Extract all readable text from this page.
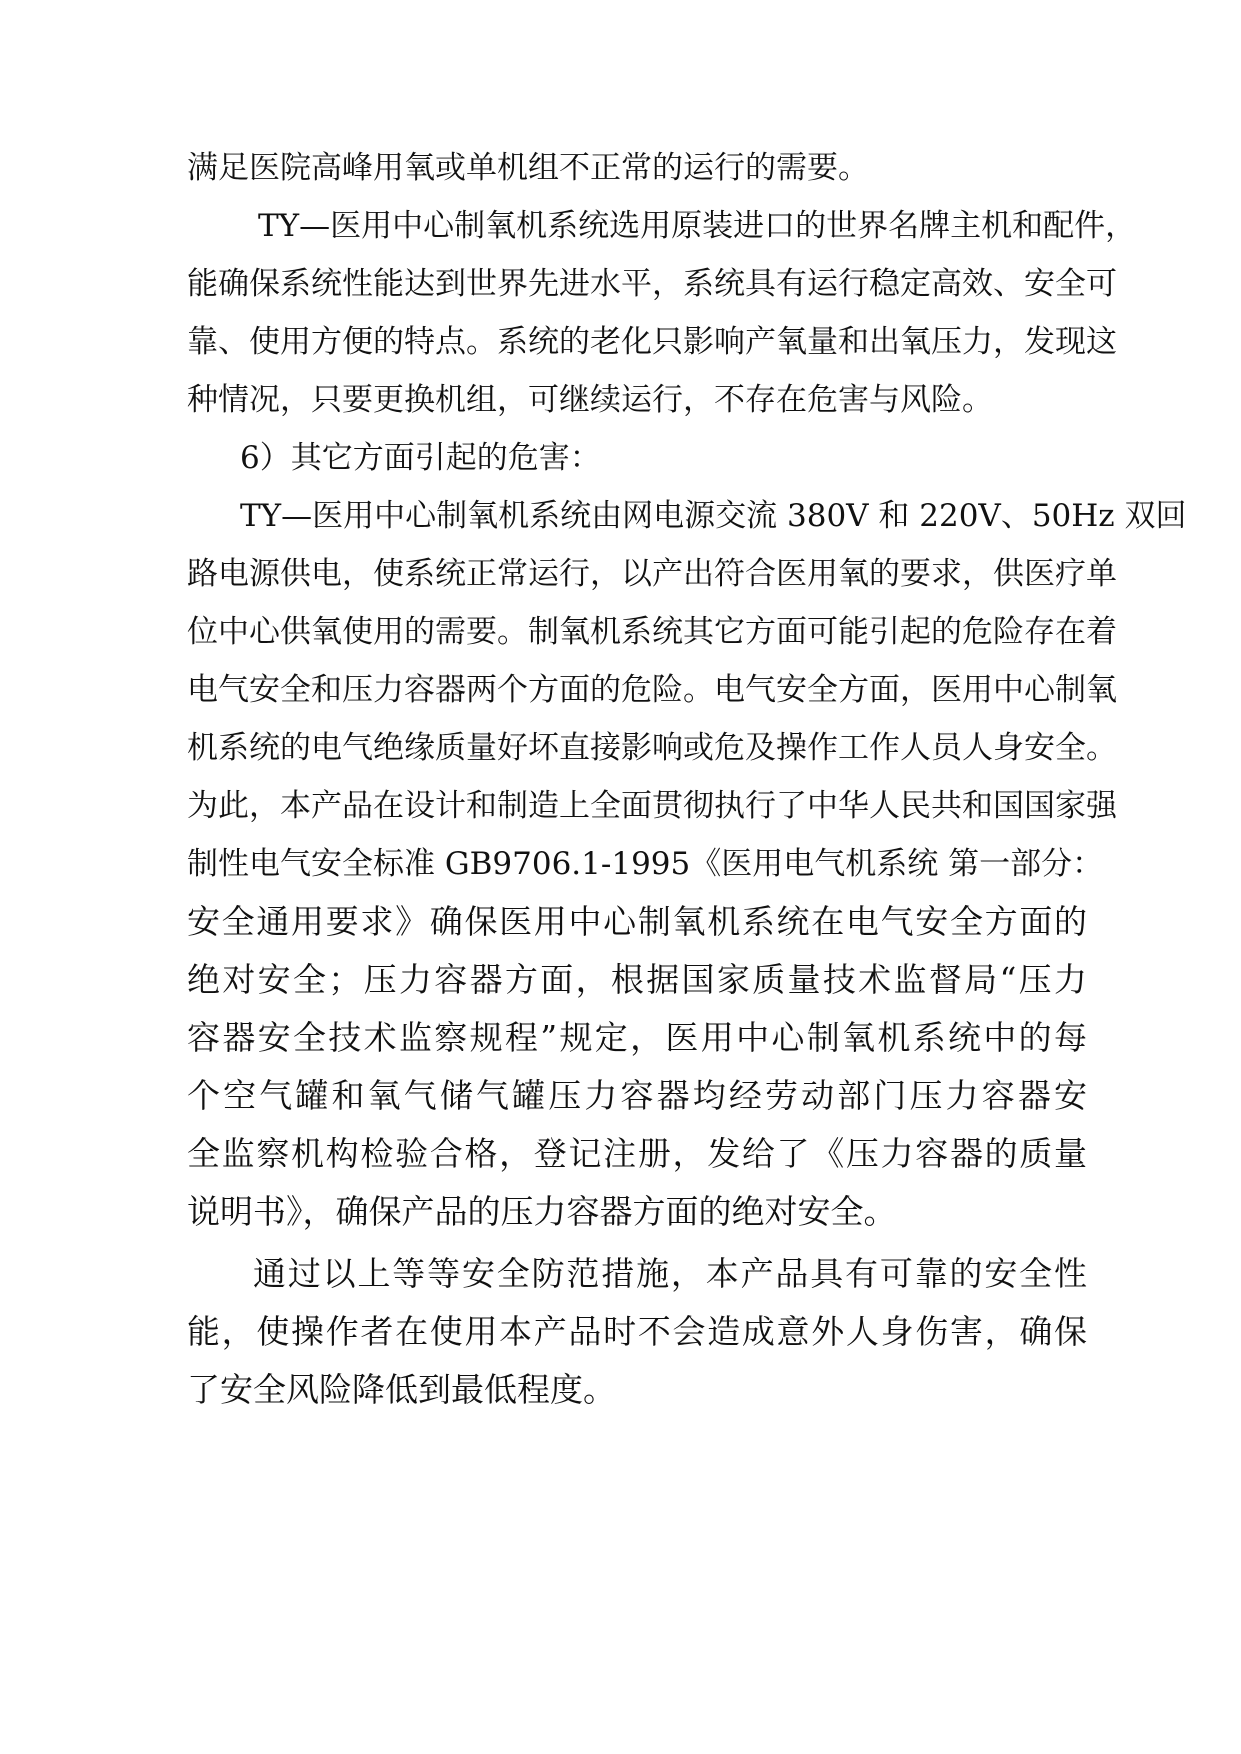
满足医院高峰用氧或单机组不正常的运行的需要。
TY—医用中心制氧机系统选用原装进口的世界名牌主机和配件，
能确保系统性能达到世界先进水平，系统具有运行稳定高效、安全可
靠、使用方便的特点。系统的老化只影响产氧量和出氧压力，发现这
种情况，只要更换机组，可继续运行，不存在危害与风险。
6）其它方面引起的危害：
TY—医用中心制氧机系统由网电源交流 380V 和 220V、50Hz 双回
路电源供电，使系统正常运行，以产出符合医用氧的要求，供医疗单
位中心供氧使用的需要。制氧机系统其它方面可能引起的危险存在着
电气安全和压力容器两个方面的危险。电气安全方面，医用中心制氧
机系统的电气绝缘质量好坏直接影响或危及操作工作人员人身安全。
为此，本产品在设计和制造上全面贯彻执行了中华人民共和国国家强
制性电气安全标准 GB9706.1-1995《医用电气机系统 第一部分：
安全通用要求》确保医用中心制氧机系统在电气安全方面的
绝对安全；压力容器方面，根据国家质量技术监督局“压力
容器安全技术监察规程”规定，医用中心制氧机系统中的每
个空气罐和氧气储气罐压力容器均经劳动部门压力容器安
全监察机构检验合格，登记注册，发给了《压力容器的质量
说明书》，确保产品的压力容器方面的绝对安全。
通过以上等等安全防范措施，本产品具有可靠的安全性
能，使操作者在使用本产品时不会造成意外人身伤害，确保
了安全风险降低到最低程度。
